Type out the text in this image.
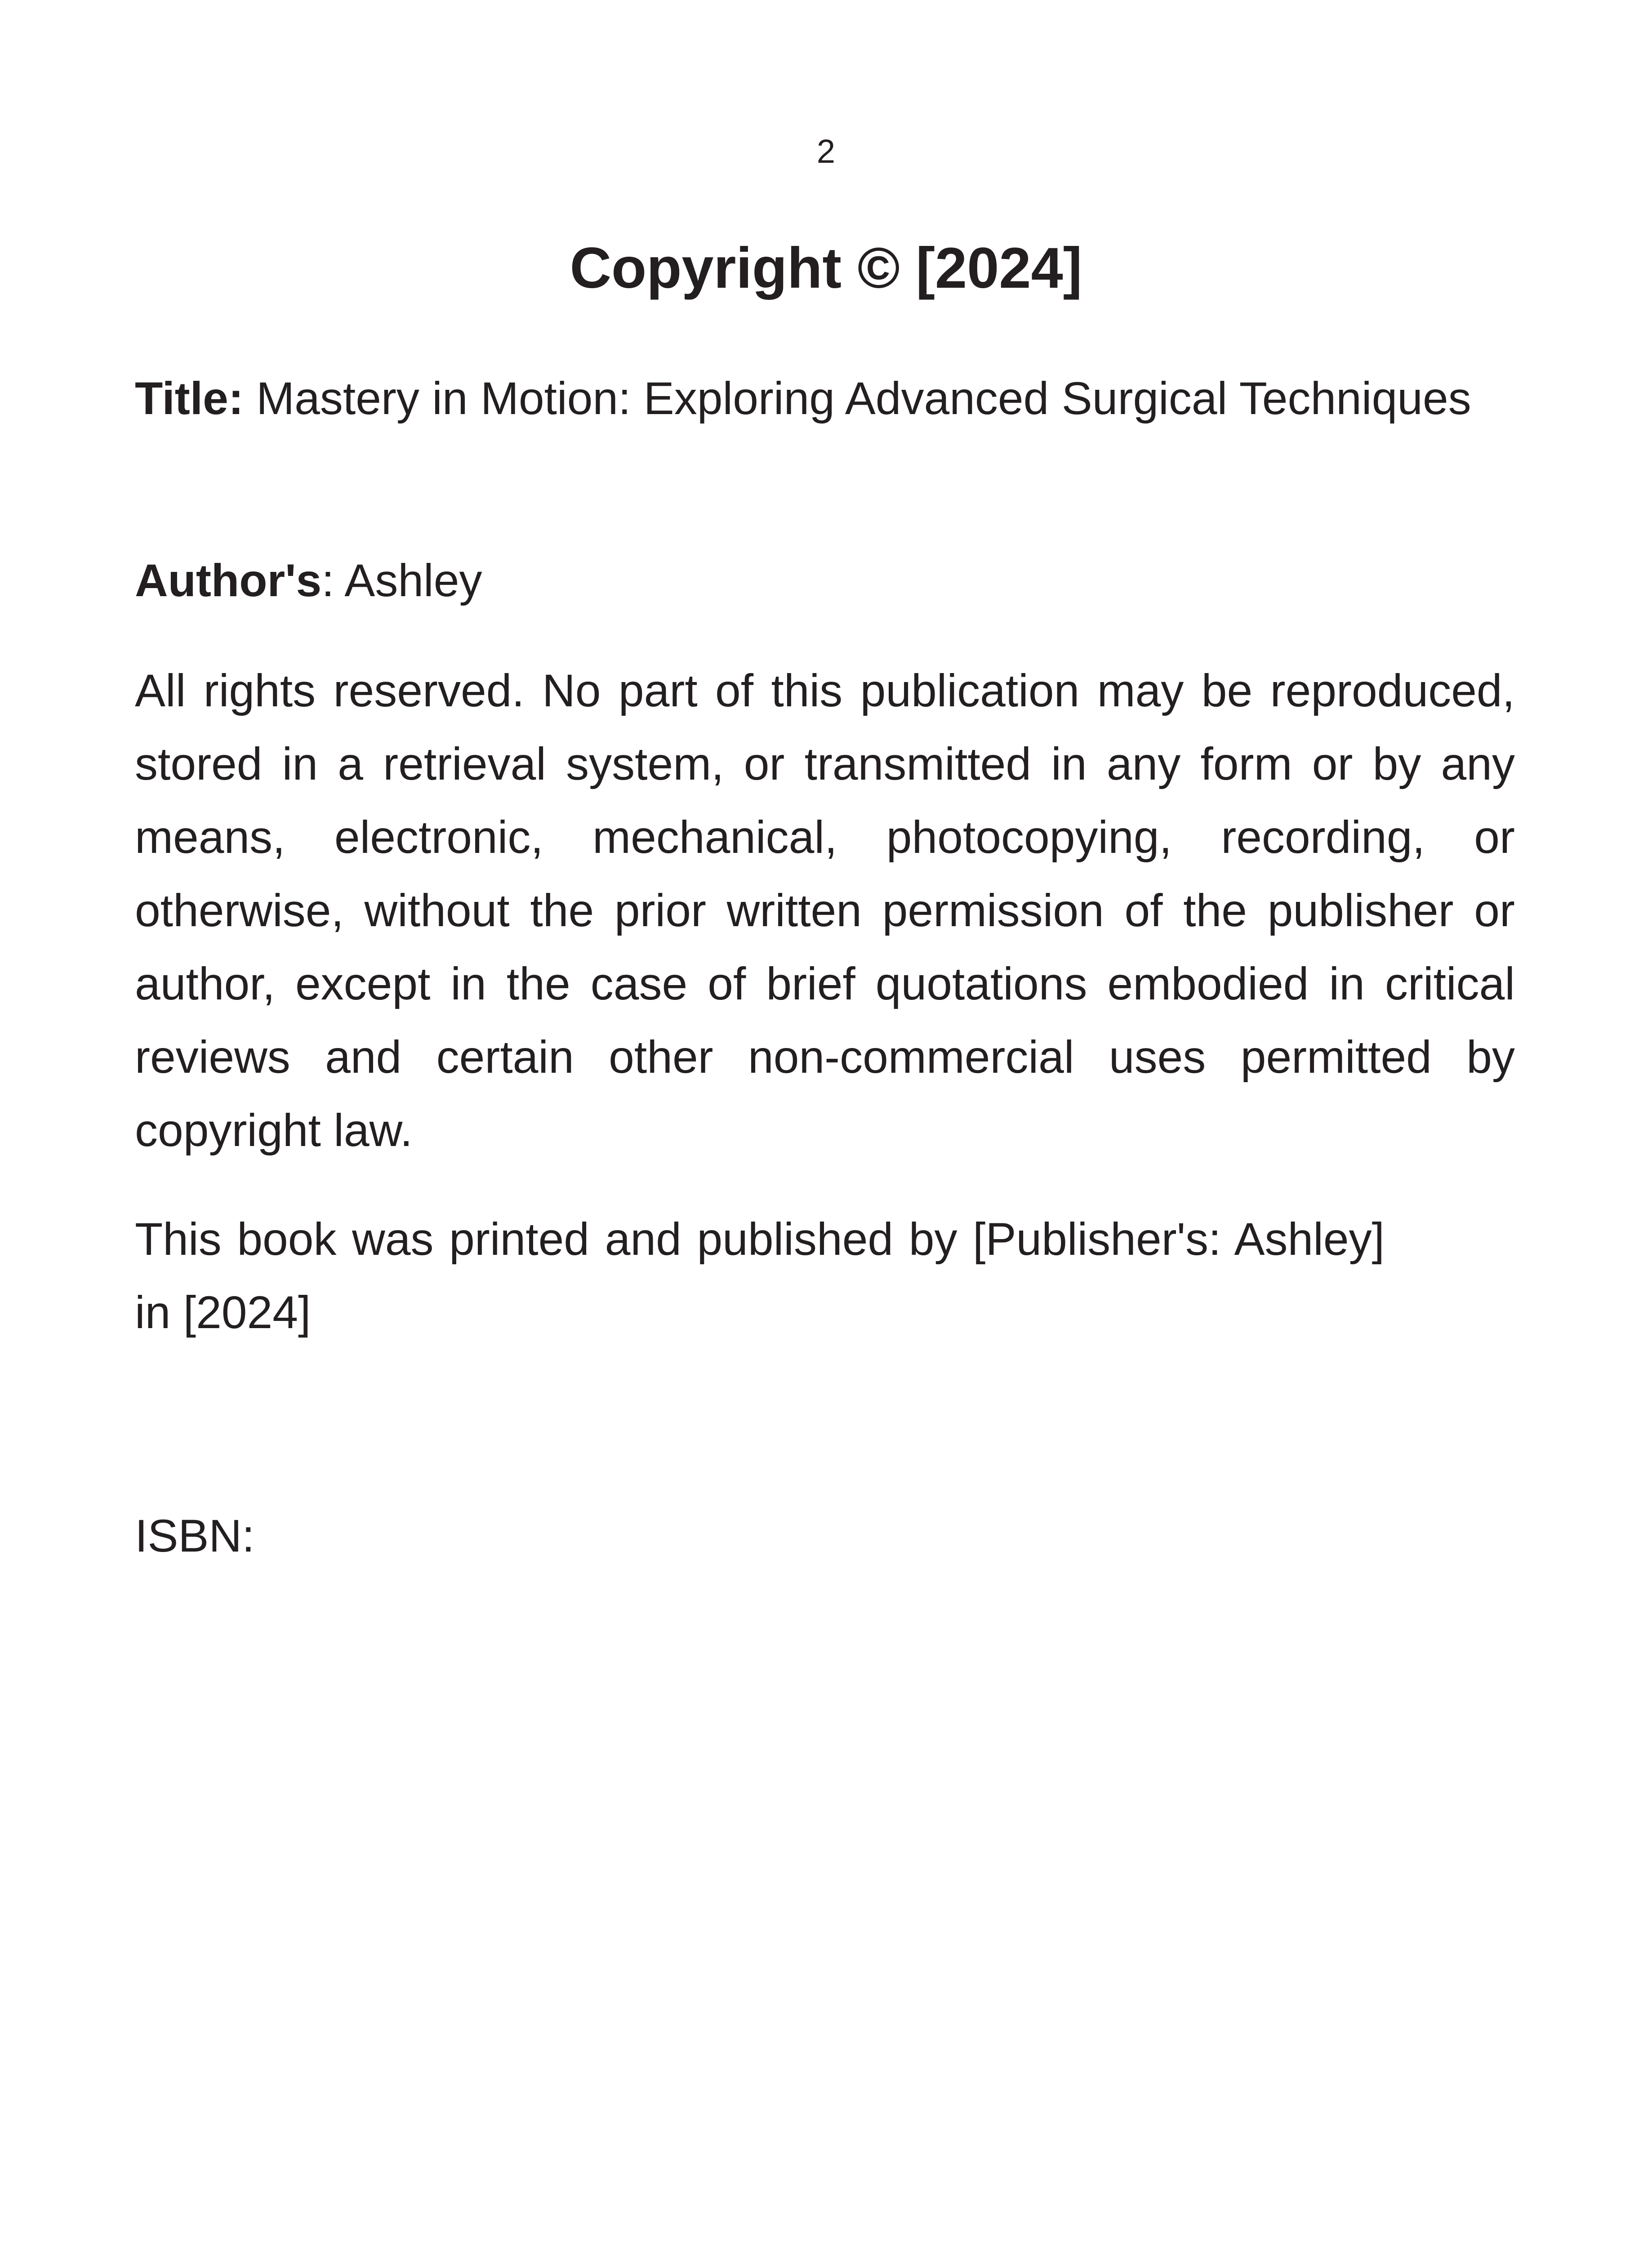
2
Copyright © [2024]
Title: Mastery in Motion: Exploring Advanced Surgical Techniques
Author's: Ashley
All rights reserved. No part of this publication may be reproduced, stored in a retrieval system, or transmitted in any form or by any means, electronic, mechanical, photocopying, recording, or otherwise, without the prior written permission of the publisher or author, except in the case of brief quotations embodied in critical reviews and certain other non-commercial uses permitted by copyright law.
This book was printed and published by [Publisher's: Ashley] in [2024]
ISBN:
